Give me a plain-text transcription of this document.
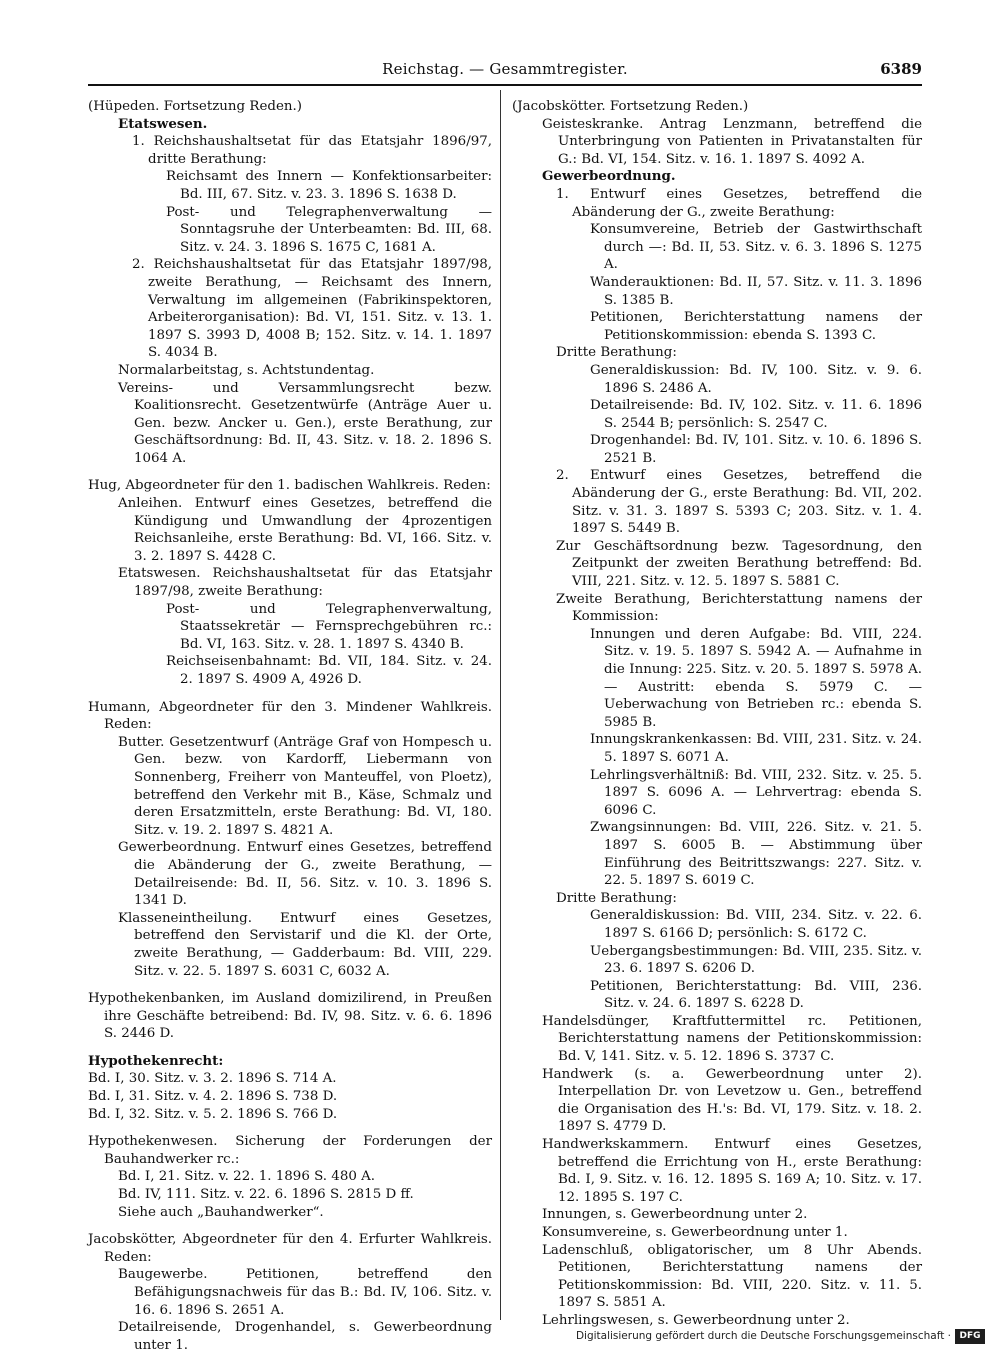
Reichstag. — Gesammtregister.	6389
(Hüpeden. Fortsetzung Reden.)
Etatswesen.
1. Reichshaushaltsetat für das Etatsjahr 1896/97, dritte Berathung:
Reichsamt des Innern — Konfektionsarbeiter: Bd. III, 67. Sitz. v. 23. 3. 1896 S. 1638 D.
Post- und Telegraphenverwaltung — Sonntagsruhe der Unterbeamten: Bd. III, 68. Sitz. v. 24. 3. 1896 S. 1675 C, 1681 A.
2. Reichshaushaltsetat für das Etatsjahr 1897/98, zweite Berathung, — Reichsamt des Innern, Verwaltung im allgemeinen (Fabrikinspektoren, Arbeiterorganisation): Bd. VI, 151. Sitz. v. 13. 1. 1897 S. 3993 D, 4008 B; 152. Sitz. v. 14. 1. 1897 S. 4034 B.
Normalarbeitstag, s. Achtstundentag.
Vereins- und Versammlungsrecht bezw. Koalitionsrecht. Gesetzentwürfe (Anträge Auer u. Gen. bezw. Ancker u. Gen.), erste Berathung, zur Geschäftsordnung: Bd. II, 43. Sitz. v. 18. 2. 1896 S. 1064 A.
Hug, Abgeordneter für den 1. badischen Wahlkreis. Reden:
Anleihen. Entwurf eines Gesetzes, betreffend die Kündigung und Umwandlung der 4prozentigen Reichsanleihe, erste Berathung: Bd. VI, 166. Sitz. v. 3. 2. 1897 S. 4428 C.
Etatswesen. Reichshaushaltsetat für das Etatsjahr 1897/98, zweite Berathung:
Post- und Telegraphenverwaltung, Staatssekretär — Fernsprechgebühren rc.: Bd. VI, 163. Sitz. v. 28. 1. 1897 S. 4340 B.
Reichseisenbahnamt: Bd. VII, 184. Sitz. v. 24. 2. 1897 S. 4909 A, 4926 D.
Humann, Abgeordneter für den 3. Mindener Wahlkreis. Reden:
Butter. Gesetzentwurf (Anträge Graf von Hompesch u. Gen. bezw. von Kardorff, Liebermann von Sonnenberg, Freiherr von Manteuffel, von Ploetz), betreffend den Verkehr mit B., Käse, Schmalz und deren Ersatzmitteln, erste Berathung: Bd. VI, 180. Sitz. v. 19. 2. 1897 S. 4821 A.
Gewerbeordnung. Entwurf eines Gesetzes, betreffend die Abänderung der G., zweite Berathung, — Detailreisende: Bd. II, 56. Sitz. v. 10. 3. 1896 S. 1341 D.
Klasseneintheilung. Entwurf eines Gesetzes, betreffend den Servistarif und die Kl. der Orte, zweite Berathung, — Gadderbaum: Bd. VIII, 229. Sitz. v. 22. 5. 1897 S. 6031 C, 6032 A.
Hypothekenbanken, im Ausland domizilirend, in Preußen ihre Geschäfte betreibend: Bd. IV, 98. Sitz. v. 6. 6. 1896 S. 2446 D.
Hypothekenrecht:
Bd. I, 30. Sitz. v. 3. 2. 1896 S. 714 A.
Bd. I, 31. Sitz. v. 4. 2. 1896 S. 738 D.
Bd. I, 32. Sitz. v. 5. 2. 1896 S. 766 D.
Hypothekenwesen. Sicherung der Forderungen der Bauhandwerker rc.:
Bd. I, 21. Sitz. v. 22. 1. 1896 S. 480 A.
Bd. IV, 111. Sitz. v. 22. 6. 1896 S. 2815 D ff.
Siehe auch „Bauhandwerker“.
Jacobskötter, Abgeordneter für den 4. Erfurter Wahlkreis. Reden:
Baugewerbe. Petitionen, betreffend den Befähigungsnachweis für das B.: Bd. IV, 106. Sitz. v. 16. 6. 1896 S. 2651 A.
Detailreisende, Drogenhandel, s. Gewerbeordnung unter 1.
(Jacobskötter. Fortsetzung Reden.)
Geisteskranke. Antrag Lenzmann, betreffend die Unterbringung von Patienten in Privatanstalten für G.: Bd. VI, 154. Sitz. v. 16. 1. 1897 S. 4092 A.
Gewerbeordnung.
1. Entwurf eines Gesetzes, betreffend die Abänderung der G., zweite Berathung:
Konsumvereine, Betrieb der Gastwirthschaft durch —: Bd. II, 53. Sitz. v. 6. 3. 1896 S. 1275 A.
Wanderauktionen: Bd. II, 57. Sitz. v. 11. 3. 1896 S. 1385 B.
Petitionen, Berichterstattung namens der Petitionskommission: ebenda S. 1393 C.
Dritte Berathung:
Generaldiskussion: Bd. IV, 100. Sitz. v. 9. 6. 1896 S. 2486 A.
Detailreisende: Bd. IV, 102. Sitz. v. 11. 6. 1896 S. 2544 B; persönlich: S. 2547 C.
Drogenhandel: Bd. IV, 101. Sitz. v. 10. 6. 1896 S. 2521 B.
2. Entwurf eines Gesetzes, betreffend die Abänderung der G., erste Berathung: Bd. VII, 202. Sitz. v. 31. 3. 1897 S. 5393 C; 203. Sitz. v. 1. 4. 1897 S. 5449 B.
Zur Geschäftsordnung bezw. Tagesordnung, den Zeitpunkt der zweiten Berathung betreffend: Bd. VIII, 221. Sitz. v. 12. 5. 1897 S. 5881 C.
Zweite Berathung, Berichterstattung namens der Kommission:
Innungen und deren Aufgabe: Bd. VIII, 224. Sitz. v. 19. 5. 1897 S. 5942 A. — Aufnahme in die Innung: 225. Sitz. v. 20. 5. 1897 S. 5978 A. — Austritt: ebenda S. 5979 C. — Ueberwachung von Betrieben rc.: ebenda S. 5985 B.
Innungskrankenkassen: Bd. VIII, 231. Sitz. v. 24. 5. 1897 S. 6071 A.
Lehrlingsverhältniß: Bd. VIII, 232. Sitz. v. 25. 5. 1897 S. 6096 A. — Lehrvertrag: ebenda S. 6096 C.
Zwangsinnungen: Bd. VIII, 226. Sitz. v. 21. 5. 1897 S. 6005 B. — Abstimmung über Einführung des Beitrittszwangs: 227. Sitz. v. 22. 5. 1897 S. 6019 C.
Dritte Berathung:
Generaldiskussion: Bd. VIII, 234. Sitz. v. 22. 6. 1897 S. 6166 D; persönlich: S. 6172 C.
Uebergangsbestimmungen: Bd. VIII, 235. Sitz. v. 23. 6. 1897 S. 6206 D.
Petitionen, Berichterstattung: Bd. VIII, 236. Sitz. v. 24. 6. 1897 S. 6228 D.
Handelsdünger, Kraftfuttermittel rc. Petitionen, Berichterstattung namens der Petitionskommission: Bd. V, 141. Sitz. v. 5. 12. 1896 S. 3737 C.
Handwerk (s. a. Gewerbeordnung unter 2). Interpellation Dr. von Levetzow u. Gen., betreffend die Organisation des H.'s: Bd. VI, 179. Sitz. v. 18. 2. 1897 S. 4779 D.
Handwerkskammern. Entwurf eines Gesetzes, betreffend die Errichtung von H., erste Berathung: Bd. I, 9. Sitz. v. 16. 12. 1895 S. 169 A; 10. Sitz. v. 17. 12. 1895 S. 197 C.
Innungen, s. Gewerbeordnung unter 2.
Konsumvereine, s. Gewerbeordnung unter 1.
Ladenschluß, obligatorischer, um 8 Uhr Abends. Petitionen, Berichterstattung namens der Petitionskommission: Bd. VIII, 220. Sitz. v. 11. 5. 1897 S. 5851 A.
Lehrlingswesen, s. Gewerbeordnung unter 2.
Digitalisierung gefördert durch die Deutsche Forschungsgemeinschaft · DFG
